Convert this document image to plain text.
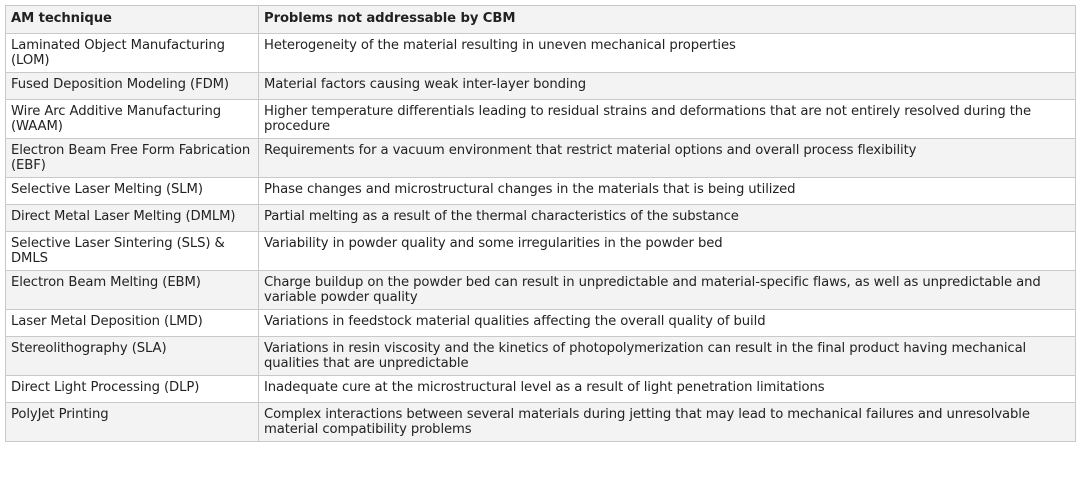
AM technique	Problems not addressable by CBM
Laminated Object Manufacturing (LOM)	Heterogeneity of the material resulting in uneven mechanical properties
Fused Deposition Modeling (FDM)	Material factors causing weak inter-layer bonding
Wire Arc Additive Manufacturing (WAAM)	Higher temperature differentials leading to residual strains and deformations that are not entirely resolved during the procedure
Electron Beam Free Form Fabrication (EBF)	Requirements for a vacuum environment that restrict material options and overall process flexibility
Selective Laser Melting (SLM)	Phase changes and microstructural changes in the materials that is being utilized
Direct Metal Laser Melting (DMLM)	Partial melting as a result of the thermal characteristics of the substance
Selective Laser Sintering (SLS) & DMLS	Variability in powder quality and some irregularities in the powder bed
Electron Beam Melting (EBM)	Charge buildup on the powder bed can result in unpredictable and material-specific flaws, as well as unpredictable and variable powder quality
Laser Metal Deposition (LMD)	Variations in feedstock material qualities affecting the overall quality of build
Stereolithography (SLA)	Variations in resin viscosity and the kinetics of photopolymerization can result in the final product having mechanical qualities that are unpredictable
Direct Light Processing (DLP)	Inadequate cure at the microstructural level as a result of light penetration limitations
PolyJet Printing	Complex interactions between several materials during jetting that may lead to mechanical failures and unresolvable material compatibility problems
